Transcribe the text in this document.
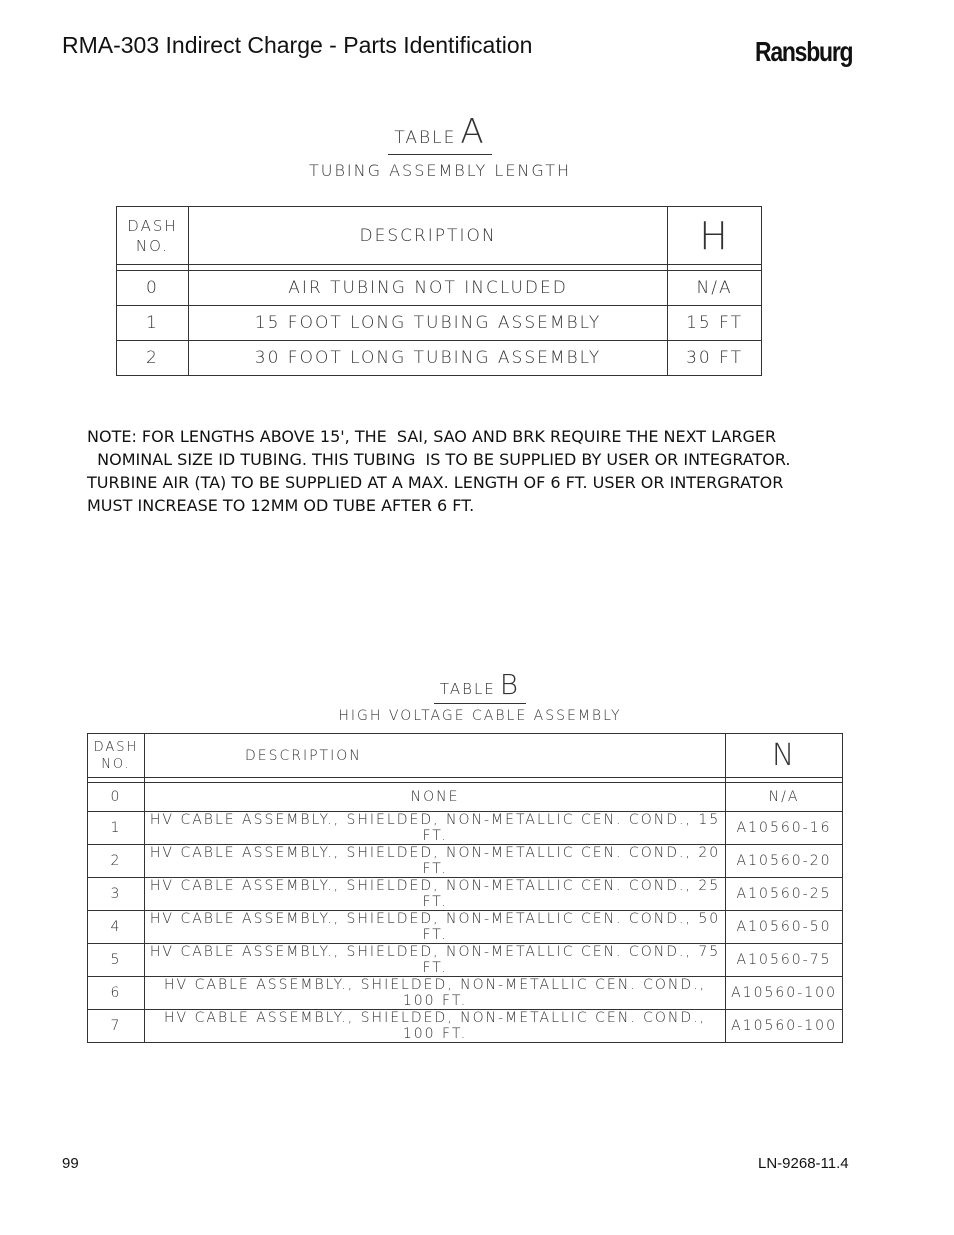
RMA-303 Indirect Charge - Parts Identification	Ransburg
TABLE A
TUBING ASSEMBLY LENGTH
DASH
NO.	DESCRIPTION	H

0	AIR TUBING NOT INCLUDED	N/A
1	15 FOOT LONG TUBING ASSEMBLY	15 FT
2	30 FOOT LONG TUBING ASSEMBLY	30 FT
NOTE: FOR LENGTHS ABOVE 15', THE  SAI, SAO AND BRK REQUIRE THE NEXT LARGER
NOMINAL SIZE ID TUBING. THIS TUBING  IS TO BE SUPPLIED BY USER OR INTEGRATOR.
TURBINE AIR (TA) TO BE SUPPLIED AT A MAX. LENGTH OF 6 FT. USER OR INTERGRATOR
MUST INCREASE TO 12MM OD TUBE AFTER 6 FT.
TABLE B
HIGH VOLTAGE CABLE ASSEMBLY
DASH
NO.	DESCRIPTION	N

0	NONE	N/A
1	HV CABLE ASSEMBLY., SHIELDED, NON-METALLIC CEN. COND., 15 FT.	A10560-16
2	HV CABLE ASSEMBLY., SHIELDED, NON-METALLIC CEN. COND., 20 FT.	A10560-20
3	HV CABLE ASSEMBLY., SHIELDED, NON-METALLIC CEN. COND., 25 FT.	A10560-25
4	HV CABLE ASSEMBLY., SHIELDED, NON-METALLIC CEN. COND., 50 FT.	A10560-50
5	HV CABLE ASSEMBLY., SHIELDED, NON-METALLIC CEN. COND., 75 FT.	A10560-75
6	HV CABLE ASSEMBLY., SHIELDED, NON-METALLIC CEN. COND., 100 FT.	A10560-100
7	HV CABLE ASSEMBLY., SHIELDED, NON-METALLIC CEN. COND., 100 FT.	A10560-100
99	LN-9268-11.4
